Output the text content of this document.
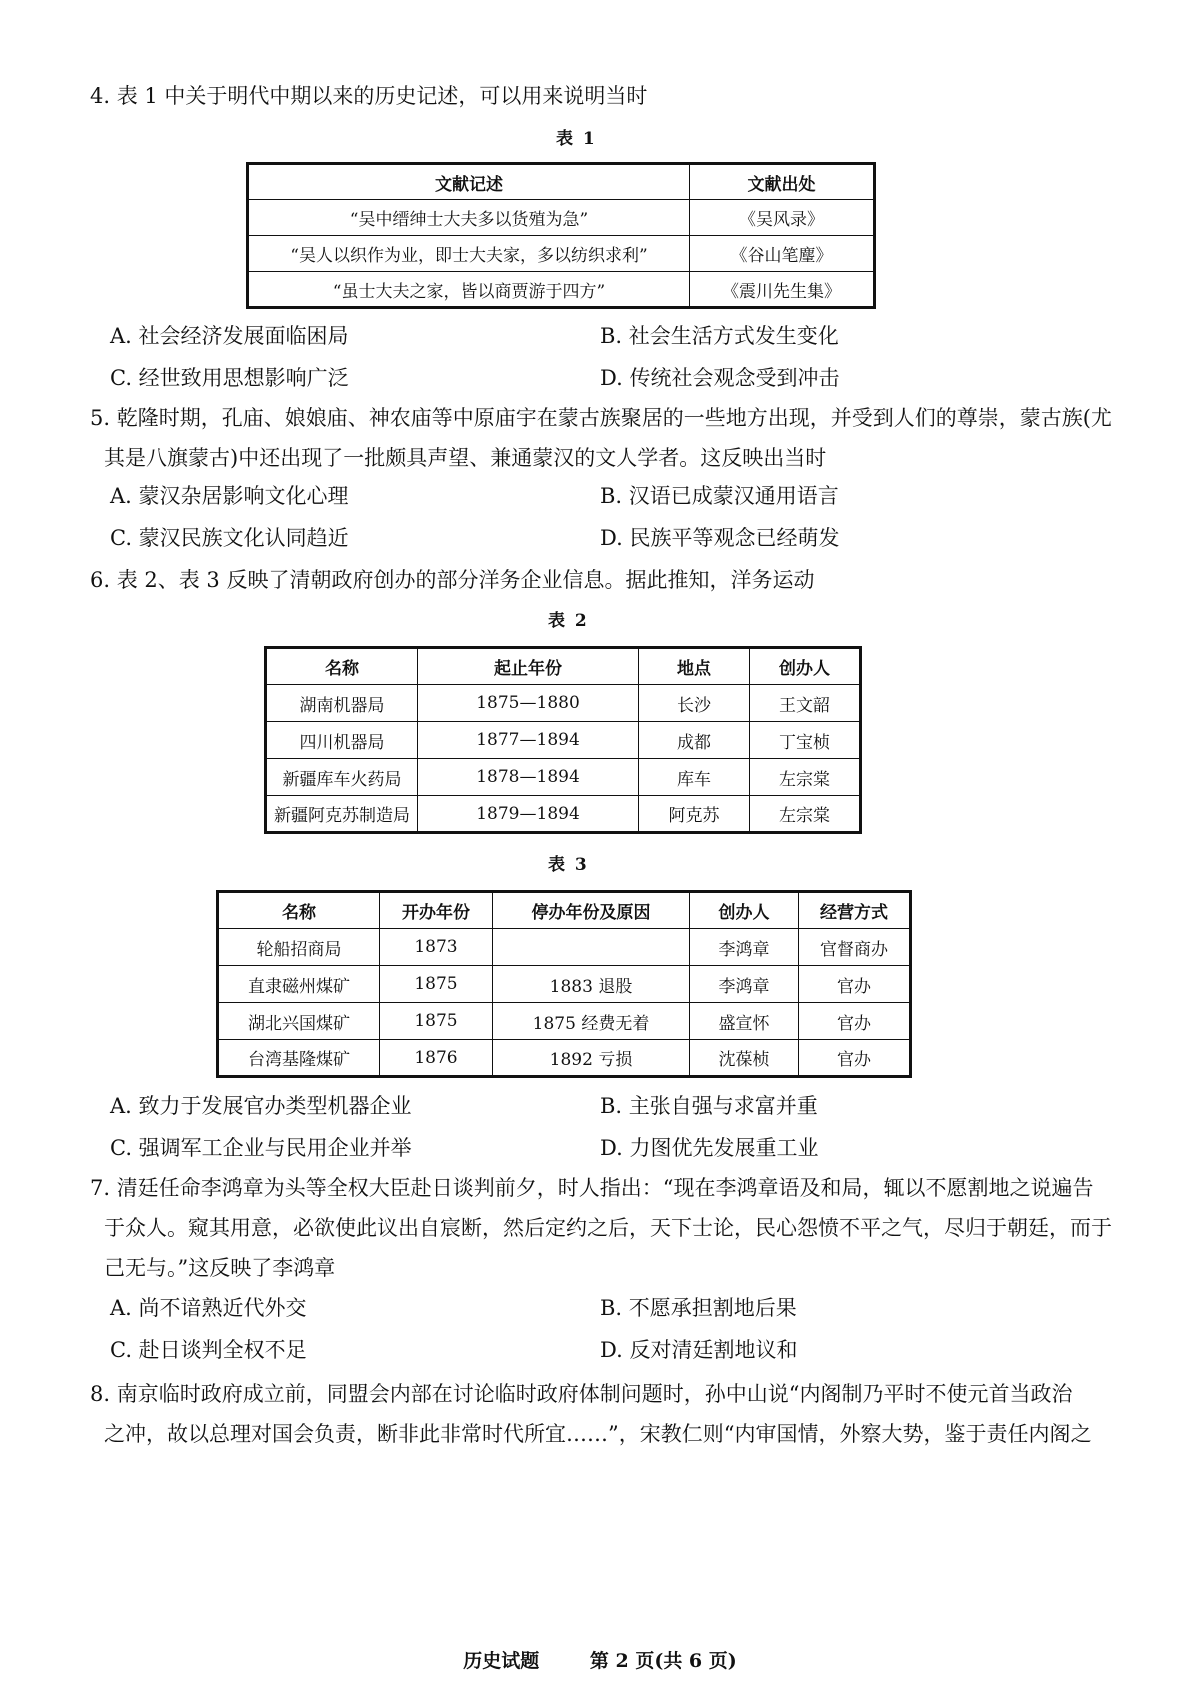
4. 表 1 中关于明代中期以来的历史记述，可以用来说明当时
表 1
文献记述	文献出处
“吴中缙绅士大夫多以货殖为急”	《吴风录》
“吴人以织作为业，即士大夫家，多以纺织求利”	《谷山笔麈》
“虽士大夫之家，皆以商贾游于四方”	《震川先生集》
A. 社会经济发展面临困局	B. 社会生活方式发生变化
C. 经世致用思想影响广泛	D. 传统社会观念受到冲击
5. 乾隆时期，孔庙、娘娘庙、神农庙等中原庙宇在蒙古族聚居的一些地方出现，并受到人们的尊崇，蒙古族(尤
其是八旗蒙古)中还出现了一批颇具声望、兼通蒙汉的文人学者。这反映出当时
A. 蒙汉杂居影响文化心理	B. 汉语已成蒙汉通用语言
C. 蒙汉民族文化认同趋近	D. 民族平等观念已经萌发
6. 表 2、表 3 反映了清朝政府创办的部分洋务企业信息。据此推知，洋务运动
表 2
名称	起止年份	地点	创办人
湖南机器局	1875—1880	长沙	王文韶
四川机器局	1877—1894	成都	丁宝桢
新疆库车火药局	1878—1894	库车	左宗棠
新疆阿克苏制造局	1879—1894	阿克苏	左宗棠
表 3
名称	开办年份	停办年份及原因	创办人	经营方式
轮船招商局	1873		李鸿章	官督商办
直隶磁州煤矿	1875	1883 退股	李鸿章	官办
湖北兴国煤矿	1875	1875 经费无着	盛宣怀	官办
台湾基隆煤矿	1876	1892 亏损	沈葆桢	官办
A. 致力于发展官办类型机器企业	B. 主张自强与求富并重
C. 强调军工企业与民用企业并举	D. 力图优先发展重工业
7. 清廷任命李鸿章为头等全权大臣赴日谈判前夕，时人指出：“现在李鸿章语及和局，辄以不愿割地之说遍告
于众人。窥其用意，必欲使此议出自宸断，然后定约之后，天下士论，民心怨愤不平之气，尽归于朝廷，而于
己无与。”这反映了李鸿章
A. 尚不谙熟近代外交	B. 不愿承担割地后果
C. 赴日谈判全权不足	D. 反对清廷割地议和
8. 南京临时政府成立前，同盟会内部在讨论临时政府体制问题时，孙中山说“内阁制乃平时不使元首当政治
之冲，故以总理对国会负责，断非此非常时代所宜……”，宋教仁则“内审国情，外察大势，鉴于责任内阁之
历史试题	第 2 页(共 6 页)
